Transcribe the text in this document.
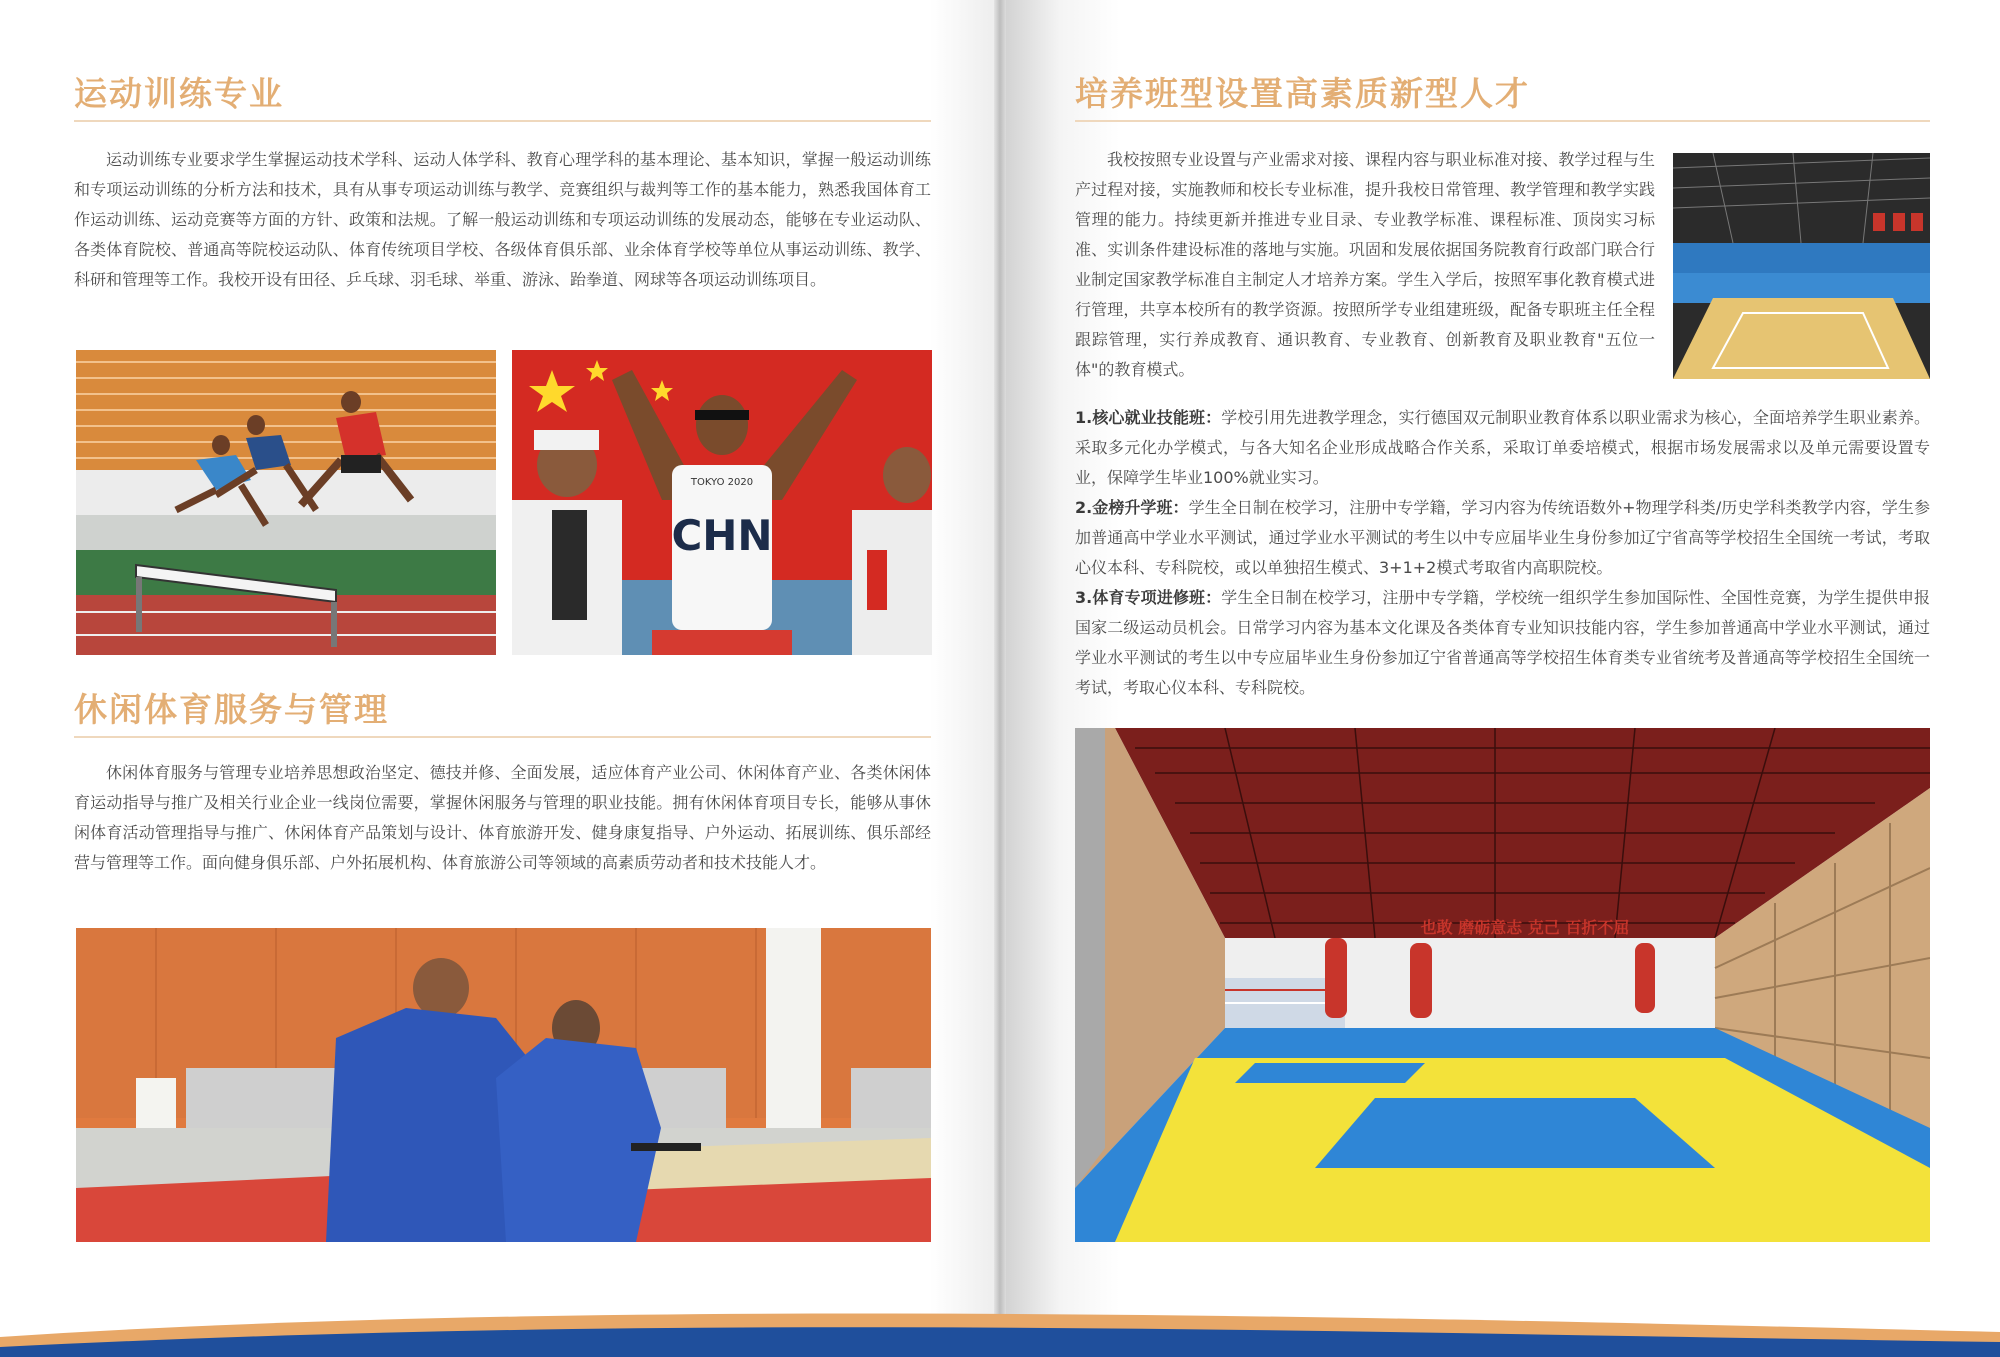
运动训练专业

运动训练专业要求学生掌握运动技术学科、运动人体学科、教育心理学科的基本理论、基本知识，掌握一般运动训练和专项运动训练的分析方法和技术，具有从事专项运动训练与教学、竞赛组织与裁判等工作的基本能力，熟悉我国体育工作运动训练、运动竞赛等方面的方针、政策和法规。了解一般运动训练和专项运动训练的发展动态，能够在专业运动队、各类体育院校、普通高等院校运动队、体育传统项目学校、各级体育俱乐部、业余体育学校等单位从事运动训练、教学、科研和管理等工作。我校开设有田径、乒乓球、羽毛球、举重、游泳、跆拳道、网球等各项运动训练项目。

TOKYO 2020
CHN
休闲体育服务与管理

休闲体育服务与管理专业培养思想政治坚定、德技并修、全面发展，适应体育产业公司、休闲体育产业、各类休闲体育运动指导与推广及相关行业企业一线岗位需要，掌握休闲服务与管理的职业技能。拥有休闲体育项目专长，能够从事休闲体育活动管理指导与推广、休闲体育产品策划与设计、体育旅游开发、健身康复指导、户外运动、拓展训练、俱乐部经营与管理等工作。面向健身俱乐部、户外拓展机构、体育旅游公司等领域的高素质劳动者和技术技能人才。

培养班型设置高素质新型人才

我校按照专业设置与产业需求对接、课程内容与职业标准对接、教学过程与生产过程对接，实施教师和校长专业标准，提升我校日常管理、教学管理和教学实践管理的能力。持续更新并推进专业目录、专业教学标准、课程标准、顶岗实习标准、实训条件建设标准的落地与实施。巩固和发展依据国务院教育行政部门联合行业制定国家教学标准自主制定人才培养方案。学生入学后，按照军事化教育模式进行管理，共享本校所有的教学资源。按照所学专业组建班级，配备专职班主任全程跟踪管理，实行养成教育、通识教育、专业教育、创新教育及职业教育"五位一体"的教育模式。

1.核心就业技能班：学校引用先进教学理念，实行德国双元制职业教育体系以职业需求为核心，全面培养学生职业素养。采取多元化办学模式，与各大知名企业形成战略合作关系，采取订单委培模式，根据市场发展需求以及单元需要设置专业，保障学生毕业100%就业实习。
2.金榜升学班：学生全日制在校学习，注册中专学籍，学习内容为传统语数外+物理学科类/历史学科类教学内容，学生参加普通高中学业水平测试，通过学业水平测试的考生以中专应届毕业生身份参加辽宁省高等学校招生全国统一考试，考取心仪本科、专科院校，或以单独招生模式、3+1+2模式考取省内高职院校。
3.体育专项进修班：学生全日制在校学习，注册中专学籍，学校统一组织学生参加国际性、全国性竞赛，为学生提供申报国家二级运动员机会。日常学习内容为基本文化课及各类体育专业知识技能内容，学生参加普通高中学业水平测试，通过学业水平测试的考生以中专应届毕业生身份参加辽宁省普通高等学校招生体育类专业省统考及普通高等学校招生全国统一考试，考取心仪本科、专科院校。
也敢 磨砺意志 克己 百折不屈
